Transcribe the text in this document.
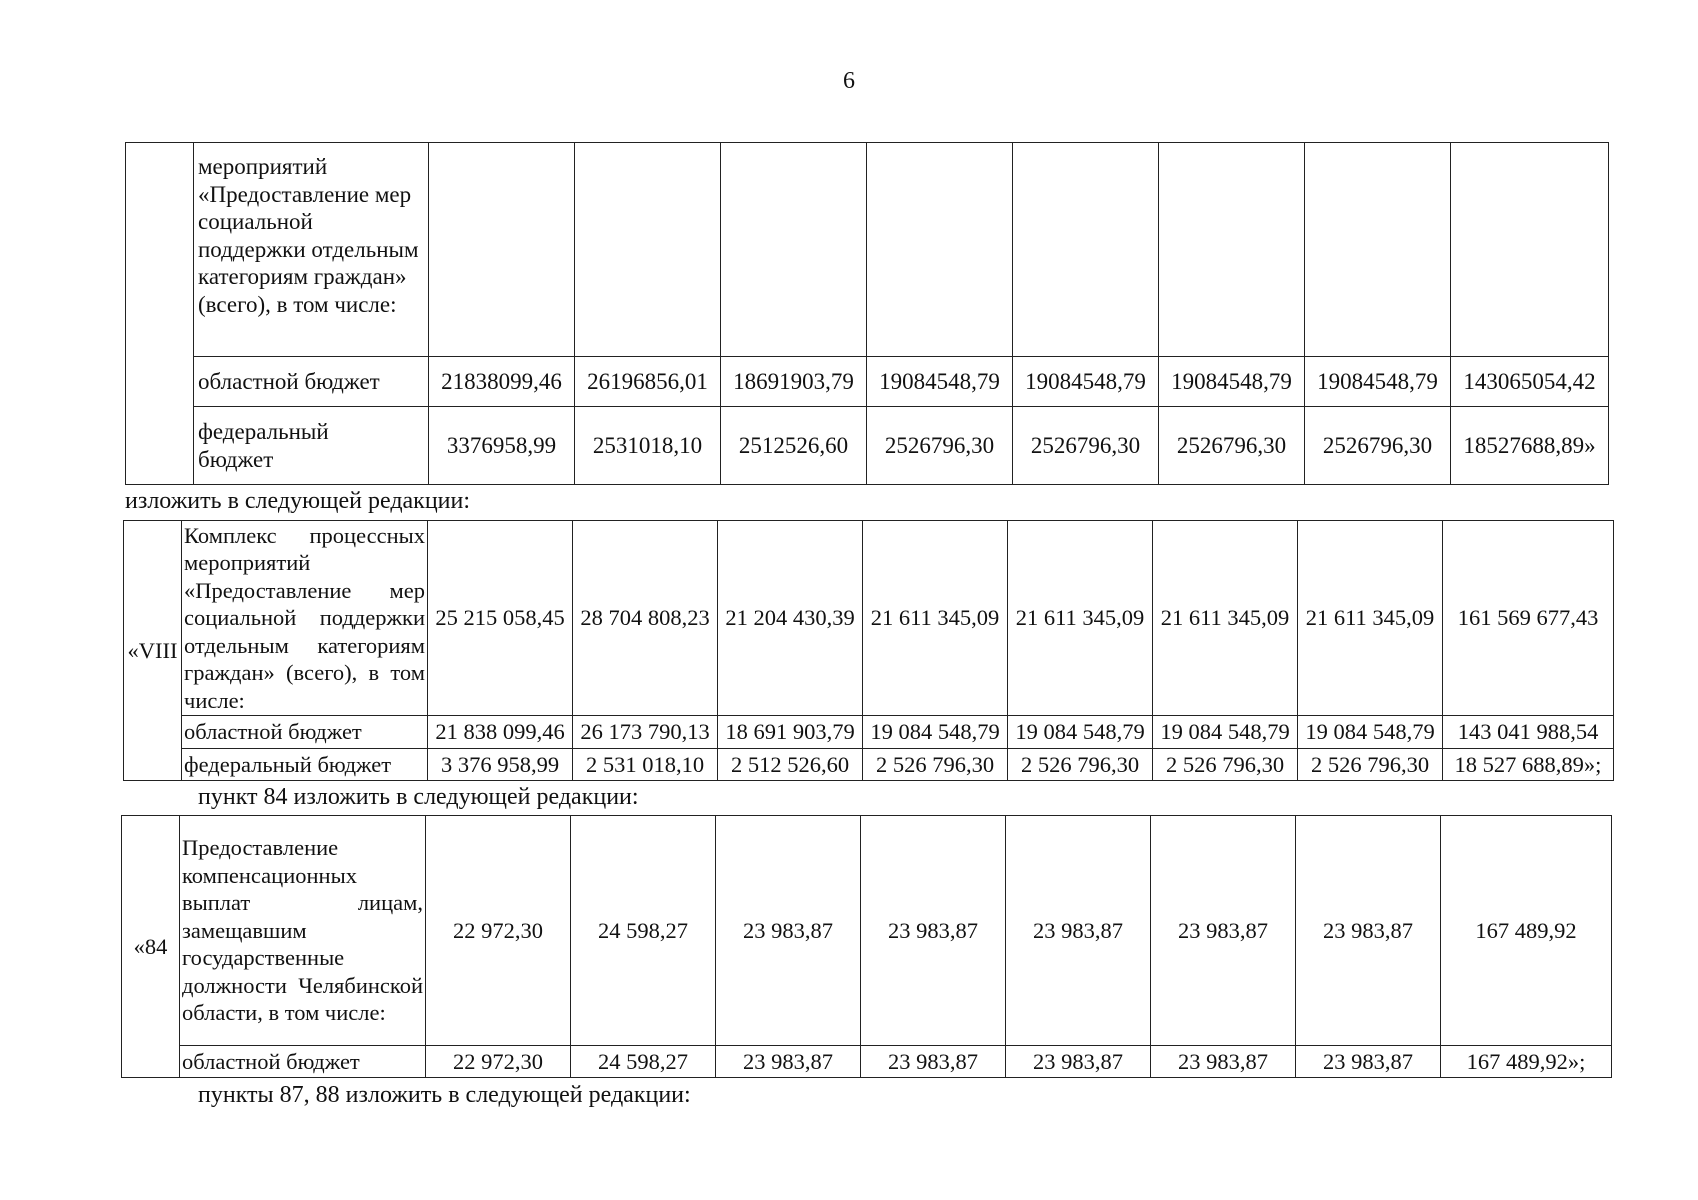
6
	мероприятий «Предоставление мер социальной поддержки отдельным категориям граждан» (всего), в том числе:								
	областной бюджет	21838099,46	26196856,01	18691903,79	19084548,79	19084548,79	19084548,79	19084548,79	143065054,42

	федеральный бюджет	3376958,99	2531018,10	2512526,60	2526796,30	2526796,30	2526796,30	2526796,30	18527688,89»
изложить в следующей редакции:
«VIII	Комплекс процессных мероприятий «Предоставление мер социальной поддержки отдельным категориям граждан» (всего), в том числе:	25 215 058,45	28 704 808,23	21 204 430,39	21 611 345,09	21 611 345,09	21 611 345,09	21 611 345,09	161 569 677,43
	областной бюджет	21 838 099,46	26 173 790,13	18 691 903,79	19 084 548,79	19 084 548,79	19 084 548,79	19 084 548,79	143 041 988,54
	федеральный бюджет	3 376 958,99	2 531 018,10	2 512 526,60	2 526 796,30	2 526 796,30	2 526 796,30	2 526 796,30	18 527 688,89»;
пункт 84 изложить в следующей редакции:
«84	Предоставление компенсационных выплат лицам, замещавшим государственные должности Челябинской области, в том числе:	22 972,30	24 598,27	23 983,87	23 983,87	23 983,87	23 983,87	23 983,87	167 489,92
	областной бюджет	22 972,30	24 598,27	23 983,87	23 983,87	23 983,87	23 983,87	23 983,87	167 489,92»;
пункты 87, 88 изложить в следующей редакции:
